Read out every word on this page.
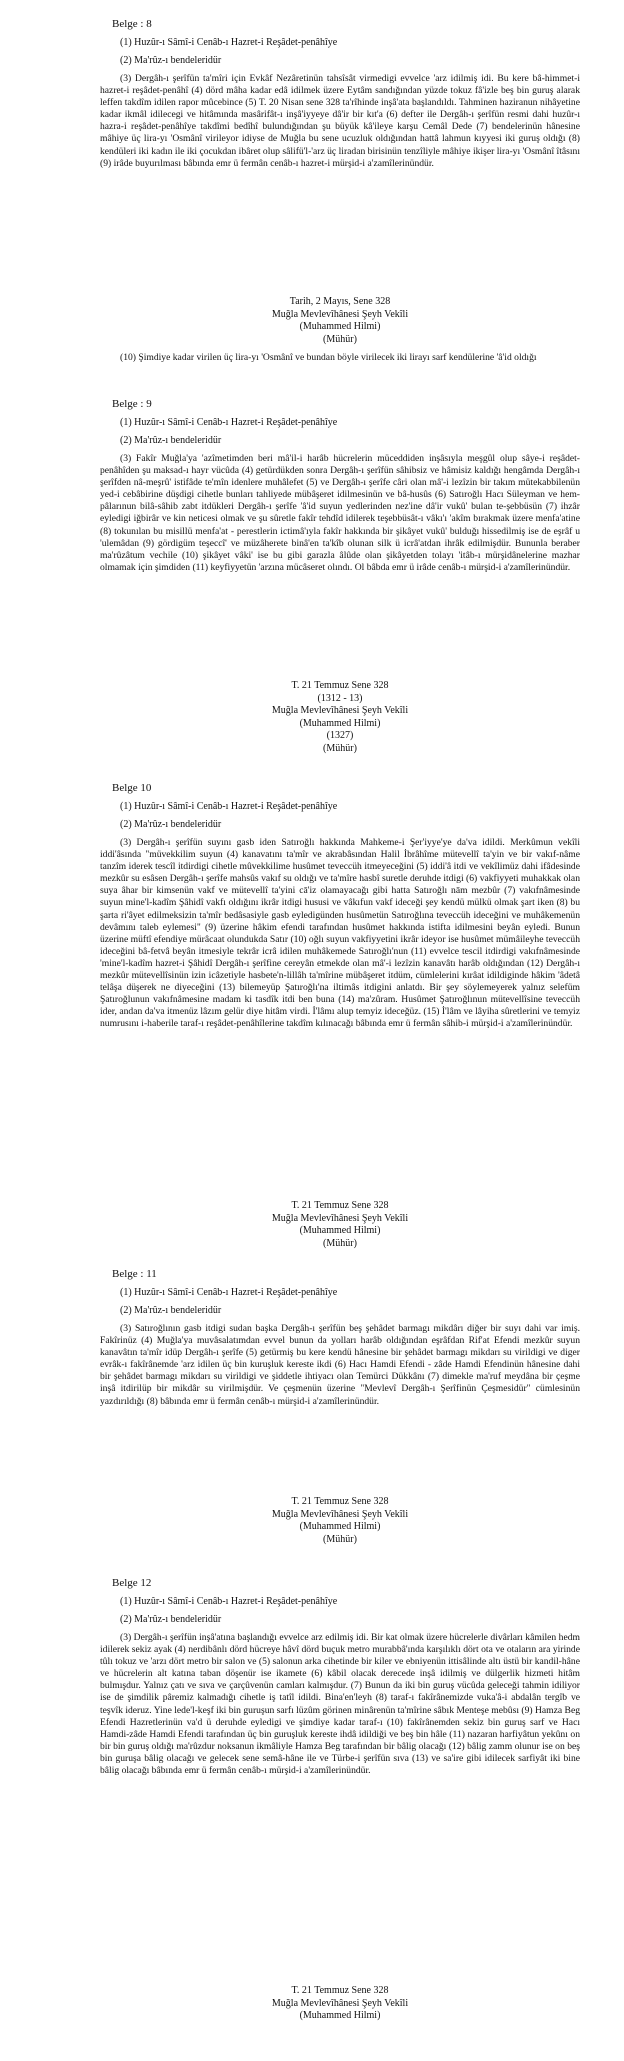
Belge : 8
(1) Huzûr-ı Sâmî-i Cenâb-ı Hazret-i Reşâdet-penâhîye
(2) Ma'rûz-ı bendeleridür

(3) Dergâh-ı şerîfün ta'mîri için Evkâf Nezâretinün tahsîsât virmedigi evvelce 'arz idilmiş idi. Bu kere bâ-himmet-i hazret-i reşâdet-penâhî (4) dörd mâha kadar edâ idilmek üzere Eytâm sandığından yüzde tokuz fâ'izle beş bin guruş alarak leffen takdîm idilen rapor mûcebince (5) T. 20 Nisan sene 328 ta'rîhinde inşâ'ata başlandıldı. Tahminen haziranun nihâyetine kadar ikmâl idilecegi ve hitâmında masârifât-ı inşâ'iyyeye dâ'ir bir kıt'a (6) defter ile Dergâh-ı şerîfün resmi dahi huzûr-ı hazra-i reşâdet-penâhîye takdîmi bedîhî bulundığından şu büyük kâ'ileye karşu Cemâl Dede (7) bendelerinün hânesine mâhiye üç lira-yı 'Osmânî virileyor idiyse de Muğla bu sene ucuzluk oldığından hattâ lahmun kıyyesi iki guruş oldığı (8) kendüleri iki kadın ile iki çocukdan ibâret olup sâlifü'l-'arz üç liradan birisinün tenzîliyle mâhiye ikişer lira-yı 'Osmânî îtâsını (9) irâde buyurılması bâbında emr ü fermân cenâb-ı hazret-i mürşid-i a'zamîlerinündür.

Tarih, 2 Mayıs, Sene 328
Muğla Mevlevîhânesi Şeyh Vekîli
(Muhammed Hilmi)
(Mühür)

(10) Şimdiye kadar virilen üç lira-yı 'Osmânî ve bundan böyle virilecek iki lirayı sarf kendülerine 'â'id oldığı

Belge : 9
(1) Huzûr-ı Sâmî-i Cenâb-ı Hazret-i Reşâdet-penâhîye
(2) Ma'rûz-ı bendeleridür

(3) Fakîr Muğla'ya 'azîmetimden beri mâ'il-i harâb hücrelerin müceddiden inşâsıyla meşgûl olup sâye-i reşâdet-penâhîden şu maksad-ı hayr vücûda (4) getürdükden sonra Dergâh-ı şerîfün sâhibsiz ve hâmisiz kaldığı hengâmda Dergâh-ı şerîfden nâ-meşrû' istifâde te'mîn idenlere muhâlefet (5) ve Dergâh-ı şerîfe câri olan mâ'-i lezîzin bir takım mütekabbilenün yed-i cebâbirine düşdigi cihetle bunları tahliyede mübâşeret idilmesinün ve bâ-husûs (6) Satıroğlı Hacı Süleyman ve hem-pâlarınun bilâ-sâhib zabt itdükleri Dergâh-ı şerîfe 'â'id suyun yedlerinden nez'ine dâ'ir vukû' bulan te-şebbüsün (7) ihzâr eyledigi iğbirâr ve kin neticesi olmak ve şu sûretle fakîr tehdîd idilerek teşebbüsât-ı vâkı'ı 'akîm bırakmak üzere menfa'atine (8) tokunılan bu misillü menfa'at - perestlerin ictimâ'ıyla fakîr hakkında bir şikâyet vukû' bulduğı hissedilmiş ise de eşrâf u 'ulemâdan (9) gördigüm teşeccî' ve müzâherete binâ'en ta'kîb olunan silk ü icrâ'atdan ihrâk edilmişdür. Bununla beraber ma'rûzâtum vechile (10) şikâyet vâki' ise bu gibi garazla âlûde olan şikâyetden tolayı 'itâb-ı mürşidânelerine mazhar olmamak için şimdiden (11) keyfiyyetün 'arzına mücâseret olındı. Ol bâbda emr ü irâde cenâb-ı mürşid-i a'zamîlerinündür.

T. 21 Temmuz Sene 328
(1312 - 13)
Muğla Mevlevîhânesi Şeyh Vekîli
(Muhammed Hilmi)
(1327)
(Mühür)
Belge 10
(1) Huzûr-ı Sâmî-i Cenâb-ı Hazret-i Reşâdet-penâhîye
(2) Ma'rûz-ı bendeleridür

(3) Dergâh-ı şerîfün suyını gasb iden Satıroğlı hakkında Mahkeme-i Şer'iyye'ye da'va idildi. Merkûmun vekîli iddi'âsında "müvekkilim suyun (4) kanavatını ta'mîr ve akrabâsından Halil İbrâhîme mütevellî ta'yin ve bir vakıf-nâme tanzîm iderek tescîl itdirdigi cihetle mûvekkilime husûmet teveccüh itmeyeceğini (5) iddi'â itdi ve vekîlimüz dahi ifâdesinde mezkûr su esâsen Dergâh-ı şerîfe mahsûs vakıf su oldığı ve ta'mîre hasbî suretle deruhde itdigi (6) vakfiyyeti muhakkak olan suya âhar bir kimsenün vakf ve mütevellî ta'yini cā'iz olamayacağı gibi hatta Satıroğlı nām mezbûr (7) vakıfnâmesinde suyun mine'l-kadîm Şâhidî vakfı oldığını ikrâr itdigi hususi ve vâkıfun vakf ideceği şey kendü mülkü olmak şart iken (8) bu şarta ri'âyet edilmeksizin ta'mîr bedâsasiyle gasb eyledigünden husûmetün Satıroğlına teveccüh ideceğini ve muhâkemenün devâmını taleb eylemesi" (9) üzerine hâkim efendi tarafından husûmet hakkında istifta idilmesini beyân eyledi. Bunun üzerine müftî efendiye mürâcaat olundukda Satır (10) oğlı suyun vakfiyyetini ikrâr ideyor ise husûmet mümâileyhe teveccüh ideceğini bâ-fetvâ beyân itmesiyle tekrâr icrâ idilen muhâkemede Satıroğlı'nun (11) evvelce tescil itdirdigi vakıfnâmesinde 'mine'l-kadîm hazret-i Şâhidî Dergâh-ı şerîfine cereyân etmekde olan mâ'-i lezîzin kanavâtı harâb oldığından (12) Dergâh-ı mezkûr mütevellîsinün izin icâzetiyle hasbete'n-lillâh ta'mîrine mübâşeret itdüm, cümlelerini kırâat idildiginde hâkim 'âdetâ telâşa düşerek ne diyeceğini (13) bilemeyüp Şatıroğlı'na iltimâs itdigini anlatdı. Bir şey söylemeyerek yalnız selefüm Şatıroğlunun vakıfnâmesine madam ki tasdîk itdi ben buna (14) ma'zûram. Husûmet Şatıroğlınun mütevellîsine teveccüh ider, andan da'va itmenüz lâzım gelür diye hitâm virdi. İ'lâmı alup temyiz ideceğüz. (15) İ'lâm ve lâyiha sûretlerini ve temyiz numrusını i-haberile taraf-ı reşâdet-penâhîlerine takdîm kılınacağı bâbında emr ü fermân sâhib-i mürşid-i a'zamîlerinündür.

T. 21 Temmuz Sene 328
Muğla Mevlevîhânesi Şeyh Vekîli
(Muhammed Hilmi)
(Mühür)
Belge : 11
(1) Huzûr-ı Sâmî-i Cenâb-ı Hazret-i Reşâdet-penâhîye
(2) Ma'rûz-ı bendeleridür

(3) Satıroğlının gasb itdigi sudan başka Dergâh-ı şerîfün beş şehâdet barmagı mikdârı diğer bir suyı dahi var imiş. Fakîrinüz (4) Muğla'ya muvâsalatımdan evvel bunun da yolları harâb oldığından eşrâfdan Rif'at Efendi mezkûr suyun kanavâtın ta'mîr idüp Dergâh-ı şerîfe (5) getürmiş bu kere kendü hânesine bir şehâdet barmagı mikdarı su virildigi ve diger evrâk-ı fakîrânemde 'arz idilen üç bin kuruşluk kereste ikdi (6) Hacı Hamdi Efendi - zâde Hamdi Efendinün hânesine dahi bir şehâdet barmagı mikdarı su virildigi ve şiddetle ihtiyacı olan Temürci Dükkânı (7) dimekle ma'ruf meydâna bir çeşme inşâ itdirilüp bir mikdâr su virilmişdür. Ve çeşmenün üzerine "Mevlevî Dergâh-ı Şerîfinün Çeşmesidür" cümlesinün yazdırıldığı (8) bâbında emr ü fermân cenâb-ı mürşid-i a'zamîlerinündür.

T. 21 Temmuz Sene 328
Muğla Mevlevîhânesi Şeyh Vekîli
(Muhammed Hilmi)
(Mühür)
Belge 12
(1) Huzûr-ı Sâmî-i Cenâb-ı Hazret-i Reşâdet-penâhîye
(2) Ma'rûz-ı bendeleridür

(3) Dergâh-ı şerîfün inşâ'atına başlandığı evvelce arz edilmiş idi. Bir kat olmak üzere hücrelerle divârları kâmilen hedm idilerek sekiz ayak (4) nerdibânlı dörd hücreye hâvî dörd buçuk metro murabbâ'ında karşılıklı dört ota ve otaların ara yirinde tûlı tokuz ve 'arzı dört metro bir salon ve (5) salonun arka cihetinde bir kiler ve ebniyenün ittisâlinde altı üstü bir kandil-hâne ve hücrelerin alt katına taban döşenür ise ikamete (6) kâbil olacak derecede inşâ idilmiş ve dülgerlik hizmeti hitâm bulmışdur. Yalnız çatı ve sıva ve çarçûvenün camları kalmışdur. (7) Bunun da iki bin guruş vücûda geleceği tahmin idiliyor ise de şimdilik pâremiz kalmadığı cihetle iş tatîl idildi. Bina'en'leyh (8) taraf-ı fakîrânemizde vuka'â-i abdalân tergîb ve teşvîk ideruz. Yine lede'l-keşf iki bin guruşun sarfı lüzûm görinen minârenün ta'mîrine sâbık Menteşe mebûsı (9) Hamza Beg Efendi Hazretlerinün va'd ü deruhde eyledigi ve şimdiye kadar taraf-ı (10) fakîrânemden sekiz bin guruş sarf ve Hacı Hamdi-zâde Hamdi Efendi tarafından üç bin guruşluk kereste ihdâ idildiği ve beş bin hâle (11) nazaran harfiyâtun yekûnı on bir bin guruş oldığı ma'rûzdur noksanun ikmâliyle Hamza Beg tarafından bir bâlig olacağı (12) bâlig zamm olunur ise on beş bin guruşa bâlig olacağı ve gelecek sene semâ-hâne ile ve Türbe-i şerîfün sıva (13) ve sa'ire gibi idilecek sarfiyât iki bine bâlig olacağı bâbında emr ü fermân cenâb-ı mürşid-i a'zamîlerinündür.

T. 21 Temmuz Sene 328
Muğla Mevlevîhânesi Şeyh Vekîli
(Muhammed Hilmi)
